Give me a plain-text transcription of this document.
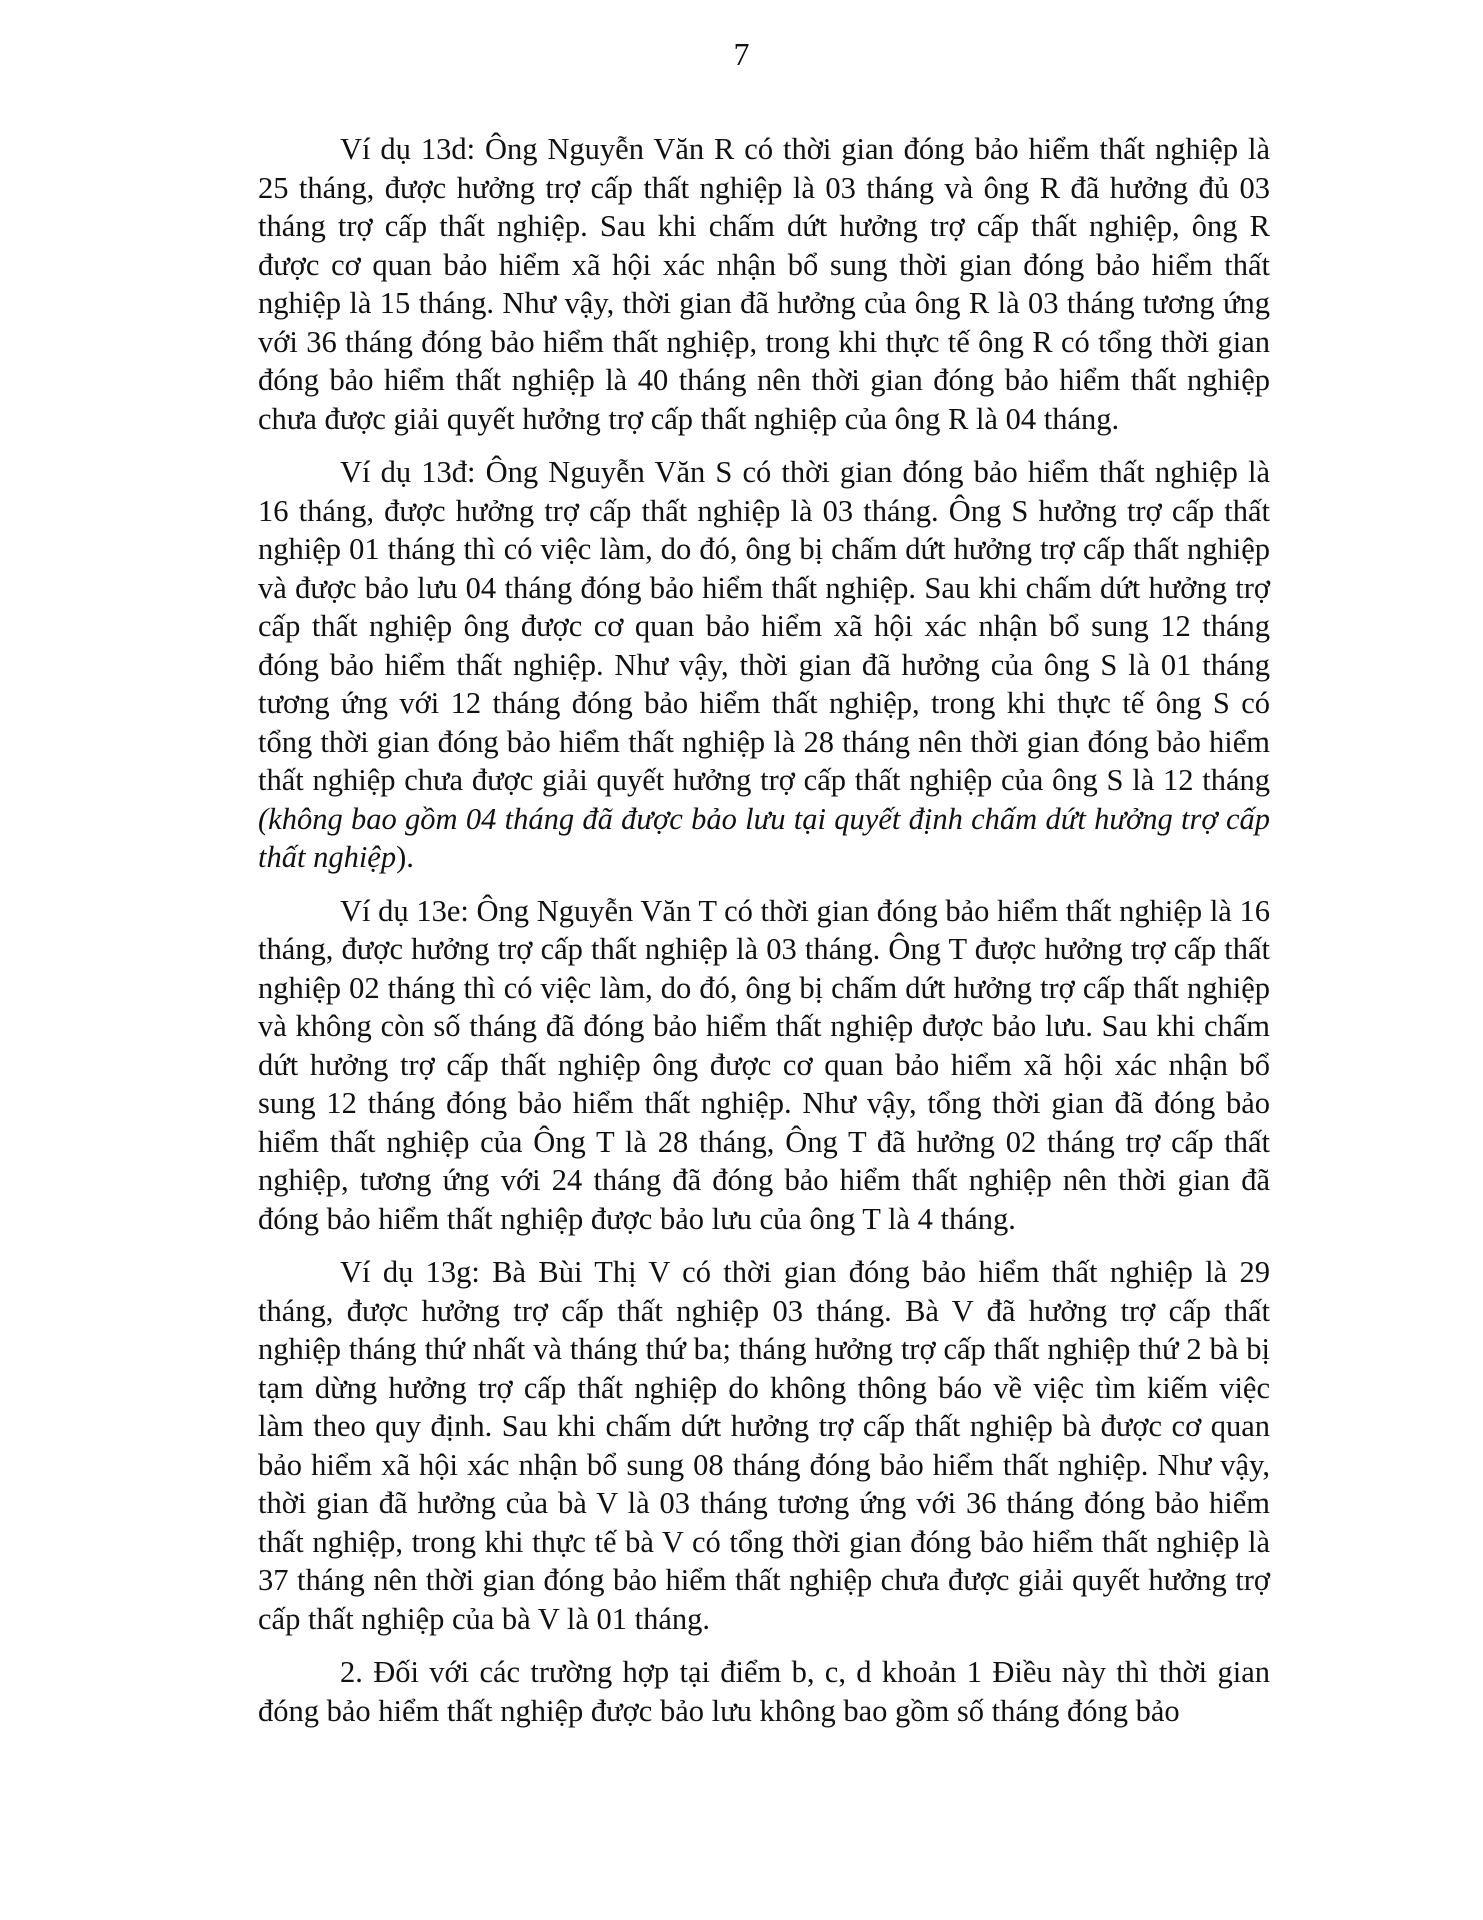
7

Ví dụ 13d: Ông Nguyễn Văn R có thời gian đóng bảo hiểm thất nghiệp là 25 tháng, được hưởng trợ cấp thất nghiệp là 03 tháng và ông R đã hưởng đủ 03 tháng trợ cấp thất nghiệp. Sau khi chấm dứt hưởng trợ cấp thất nghiệp, ông R được cơ quan bảo hiểm xã hội xác nhận bổ sung thời gian đóng bảo hiểm thất nghiệp là 15 tháng. Như vậy, thời gian đã hưởng của ông R là 03 tháng tương ứng với 36 tháng đóng bảo hiểm thất nghiệp, trong khi thực tế ông R có tổng thời gian đóng bảo hiểm thất nghiệp là 40 tháng nên thời gian đóng bảo hiểm thất nghiệp chưa được giải quyết hưởng trợ cấp thất nghiệp của ông R là 04 tháng.

Ví dụ 13đ: Ông Nguyễn Văn S có thời gian đóng bảo hiểm thất nghiệp là 16 tháng, được hưởng trợ cấp thất nghiệp là 03 tháng. Ông S hưởng trợ cấp thất nghiệp 01 tháng thì có việc làm, do đó, ông bị chấm dứt hưởng trợ cấp thất nghiệp và được bảo lưu 04 tháng đóng bảo hiểm thất nghiệp. Sau khi chấm dứt hưởng trợ cấp thất nghiệp ông được cơ quan bảo hiểm xã hội xác nhận bổ sung 12 tháng đóng bảo hiểm thất nghiệp. Như vậy, thời gian đã hưởng của ông S là 01 tháng tương ứng với 12 tháng đóng bảo hiểm thất nghiệp, trong khi thực tế ông S có tổng thời gian đóng bảo hiểm thất nghiệp là 28 tháng nên thời gian đóng bảo hiểm thất nghiệp chưa được giải quyết hưởng trợ cấp thất nghiệp của ông S là 12 tháng (không bao gồm 04 tháng đã được bảo lưu tại quyết định chấm dứt hưởng trợ cấp thất nghiệp).

Ví dụ 13e: Ông Nguyễn Văn T có thời gian đóng bảo hiểm thất nghiệp là 16 tháng, được hưởng trợ cấp thất nghiệp là 03 tháng. Ông T được hưởng trợ cấp thất nghiệp 02 tháng thì có việc làm, do đó, ông bị chấm dứt hưởng trợ cấp thất nghiệp và không còn số tháng đã đóng bảo hiểm thất nghiệp được bảo lưu. Sau khi chấm dứt hưởng trợ cấp thất nghiệp ông được cơ quan bảo hiểm xã hội xác nhận bổ sung 12 tháng đóng bảo hiểm thất nghiệp. Như vậy, tổng thời gian đã đóng bảo hiểm thất nghiệp của Ông T là 28 tháng, Ông T đã hưởng 02 tháng trợ cấp thất nghiệp, tương ứng với 24 tháng đã đóng bảo hiểm thất nghiệp nên thời gian đã đóng bảo hiểm thất nghiệp được bảo lưu của ông T là 4 tháng.

Ví dụ 13g: Bà Bùi Thị V có thời gian đóng bảo hiểm thất nghiệp là 29 tháng, được hưởng trợ cấp thất nghiệp 03 tháng. Bà V đã hưởng trợ cấp thất nghiệp tháng thứ nhất và tháng thứ ba; tháng hưởng trợ cấp thất nghiệp thứ 2 bà bị tạm dừng hưởng trợ cấp thất nghiệp do không thông báo về việc tìm kiếm việc làm theo quy định. Sau khi chấm dứt hưởng trợ cấp thất nghiệp bà được cơ quan bảo hiểm xã hội xác nhận bổ sung 08 tháng đóng bảo hiểm thất nghiệp. Như vậy, thời gian đã hưởng của bà V là 03 tháng tương ứng với 36 tháng đóng bảo hiểm thất nghiệp, trong khi thực tế bà V có tổng thời gian đóng bảo hiểm thất nghiệp là 37 tháng nên thời gian đóng bảo hiểm thất nghiệp chưa được giải quyết hưởng trợ cấp thất nghiệp của bà V là 01 tháng.

2. Đối với các trường hợp tại điểm b, c, d khoản 1 Điều này thì thời gian đóng bảo hiểm thất nghiệp được bảo lưu không bao gồm số tháng đóng bảo
